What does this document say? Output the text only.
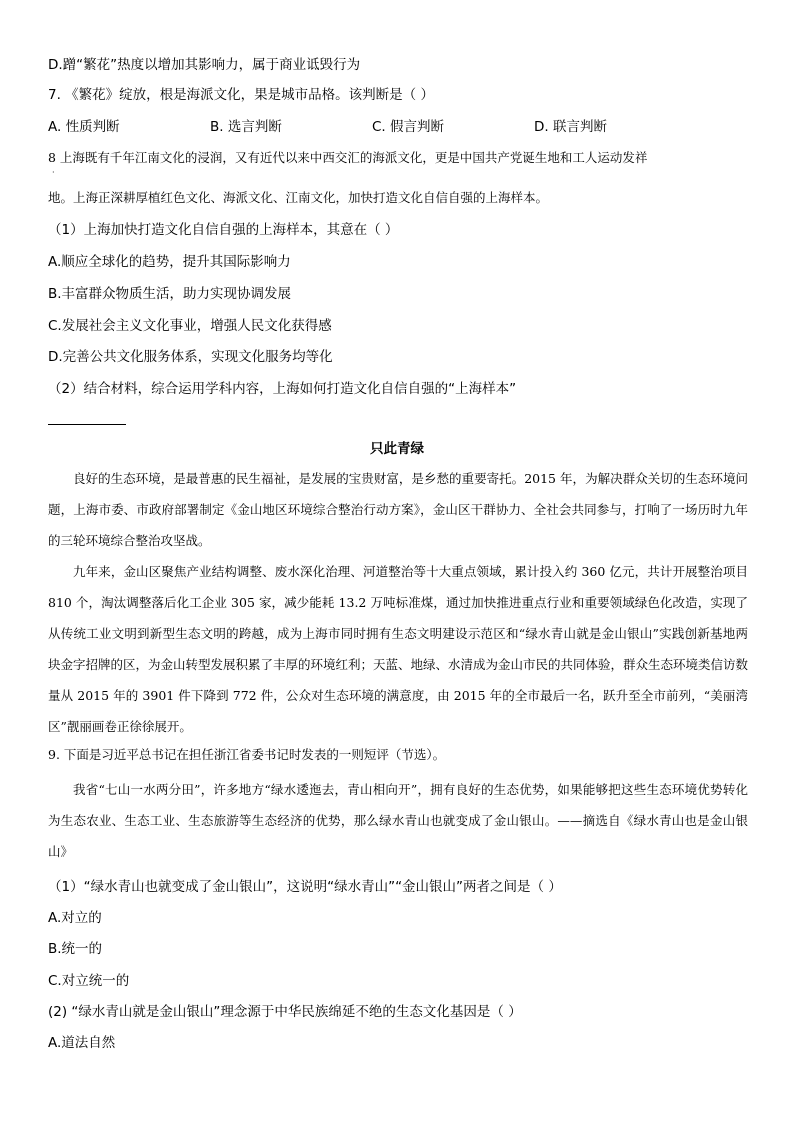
D.蹭“繁花”热度以增加其影响力，属于商业诋毁行为
7. 《繁花》绽放，根是海派文化，果是城市品格。该判断是（ ）
A. 性质判断	B. 选言判断	C. 假言判断	D. 联言判断
8 上海既有千年江南文化的浸润，又有近代以来中西交汇的海派文化，更是中国共产党诞生地和工人运动发祥
·
地。上海正深耕厚植红色文化、海派文化、江南文化，加快打造文化自信自强的上海样本。
（1）上海加快打造文化自信自强的上海样本，其意在（ ）
A.顺应全球化的趋势，提升其国际影响力
B.丰富群众物质生活，助力实现协调发展
C.发展社会主义文化事业，增强人民文化获得感
D.完善公共文化服务体系，实现文化服务均等化
（2）结合材料，综合运用学科内容，上海如何打造文化自信自强的“上海样本”
只此青绿

良好的生态环境，是最普惠的民生福祉，是发展的宝贵财富，是乡愁的重要寄托。2015 年，为解决群众关切的生态环境问题，上海市委、市政府部署制定《金山地区环境综合整治行动方案》，金山区干群协力、全社会共同参与，打响了一场历时九年的三轮环境综合整治攻坚战。

九年来，金山区聚焦产业结构调整、废水深化治理、河道整治等十大重点领域，累计投入约 360 亿元，共计开展整治项目 810 个，淘汰调整落后化工企业 305 家，减少能耗 13.2 万吨标准煤，通过加快推进重点行业和重要领域绿色化改造，实现了从传统工业文明到新型生态文明的跨越，成为上海市同时拥有生态文明建设示范区和“绿水青山就是金山银山”实践创新基地两块金字招牌的区，为金山转型发展积累了丰厚的环境红利；天蓝、地绿、水清成为金山市民的共同体验，群众生态环境类信访数量从 2015 年的 3901 件下降到 772 件，公众对生态环境的满意度，由 2015 年的全市最后一名，跃升至全市前列，“美丽湾区”靓丽画卷正徐徐展开。

9. 下面是习近平总书记在担任浙江省委书记时发表的一则短评（节选）。

我省“七山一水两分田”，许多地方“绿水逶迤去，青山相向开”，拥有良好的生态优势，如果能够把这些生态环境优势转化为生态农业、生态工业、生态旅游等生态经济的优势，那么绿水青山也就变成了金山银山。——摘选自《绿水青山也是金山银山》

（1）“绿水青山也就变成了金山银山”，这说明“绿水青山”“金山银山”两者之间是（ ）
A.对立的
B.统一的
C.对立统一的
(2) “绿水青山就是金山银山”理念源于中华民族绵延不绝的生态文化基因是（ ）
A.道法自然
